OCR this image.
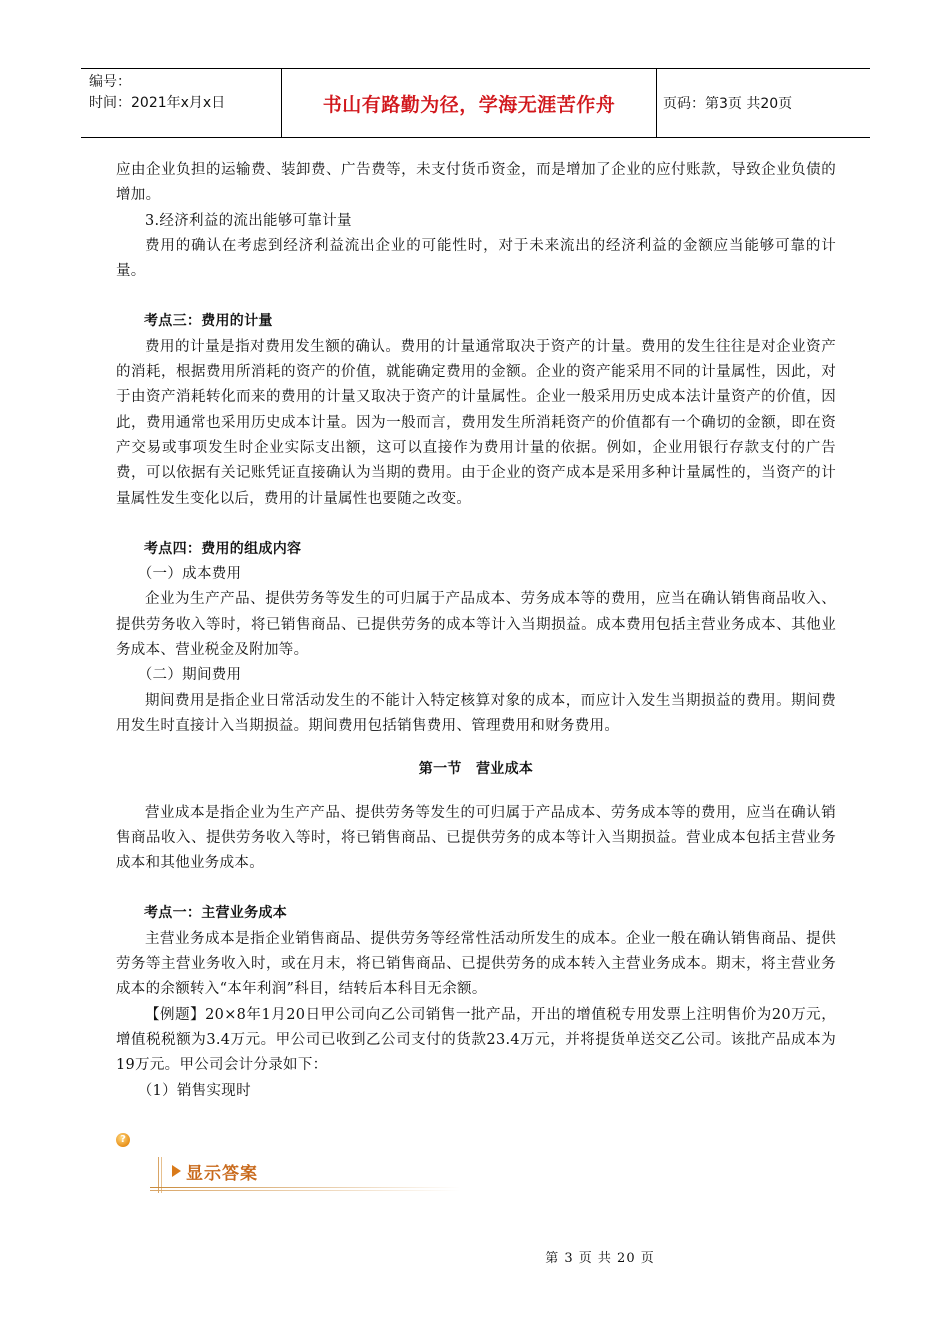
编号：
时间：2021年x月x日	书山有路勤为径，学海无涯苦作舟	页码：第3页 共20页

应由企业负担的运输费、装卸费、广告费等，未支付货币资金，而是增加了企业的应付账款，导致企业负债的增加。

3.经济利益的流出能够可靠计量

费用的确认在考虑到经济利益流出企业的可能性时，对于未来流出的经济利益的金额应当能够可靠的计量。

考点三：费用的计量

费用的计量是指对费用发生额的确认。费用的计量通常取决于资产的计量。费用的发生往往是对企业资产的消耗，根据费用所消耗的资产的价值，就能确定费用的金额。企业的资产能采用不同的计量属性，因此，对于由资产消耗转化而来的费用的计量又取决于资产的计量属性。企业一般采用历史成本法计量资产的价值，因此，费用通常也采用历史成本计量。因为一般而言，费用发生所消耗资产的价值都有一个确切的金额，即在资产交易或事项发生时企业实际支出额，这可以直接作为费用计量的依据。例如，企业用银行存款支付的广告费，可以依据有关记账凭证直接确认为当期的费用。由于企业的资产成本是采用多种计量属性的，当资产的计量属性发生变化以后，费用的计量属性也要随之改变。

考点四：费用的组成内容

（一）成本费用

企业为生产产品、提供劳务等发生的可归属于产品成本、劳务成本等的费用，应当在确认销售商品收入、提供劳务收入等时，将已销售商品、已提供劳务的成本等计入当期损益。成本费用包括主营业务成本、其他业务成本、营业税金及附加等。

（二）期间费用

期间费用是指企业日常活动发生的不能计入特定核算对象的成本，而应计入发生当期损益的费用。期间费用发生时直接计入当期损益。期间费用包括销售费用、管理费用和财务费用。

第一节　营业成本

营业成本是指企业为生产产品、提供劳务等发生的可归属于产品成本、劳务成本等的费用，应当在确认销售商品收入、提供劳务收入等时，将已销售商品、已提供劳务的成本等计入当期损益。营业成本包括主营业务成本和其他业务成本。

考点一：主营业务成本

主营业务成本是指企业销售商品、提供劳务等经常性活动所发生的成本。企业一般在确认销售商品、提供劳务等主营业务收入时，或在月末，将已销售商品、已提供劳务的成本转入主营业务成本。期末，将主营业务成本的余额转入“本年利润”科目，结转后本科目无余额。

【例题】20×8年1月20日甲公司向乙公司销售一批产品，开出的增值税专用发票上注明售价为20万元，增值税税额为3.4万元。甲公司已收到乙公司支付的货款23.4万元，并将提货单送交乙公司。该批产品成本为19万元。甲公司会计分录如下：

（1）销售实现时

?
显示答案
第 3 页 共 20 页
